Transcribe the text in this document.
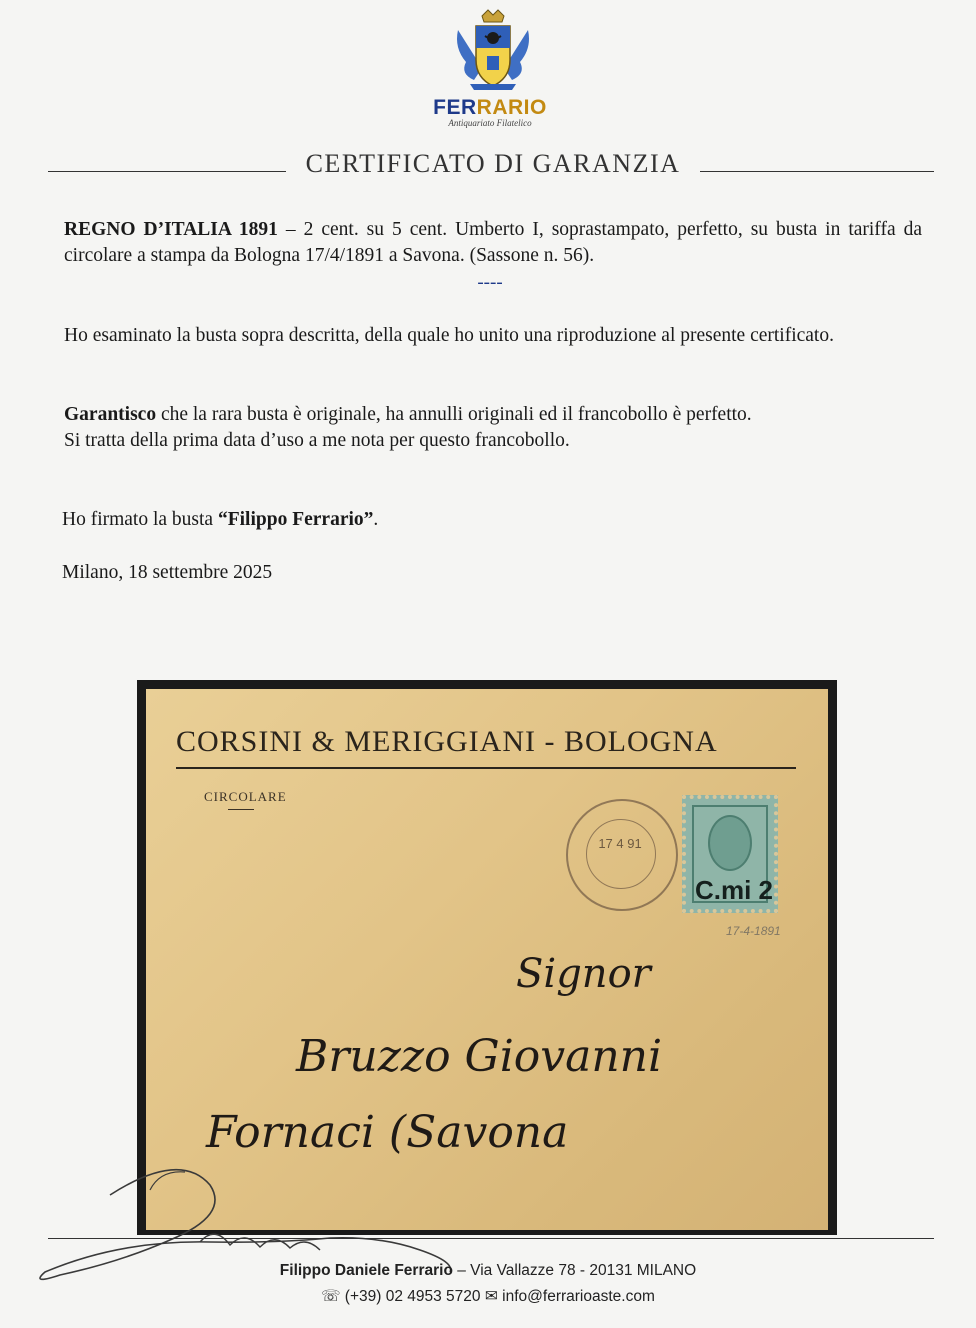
FERRARIO
Antiquariato Filatelico
CERTIFICATO DI GARANZIA
REGNO D’ITALIA 1891 – 2 cent. su 5 cent. Umberto I, soprastampato, perfetto, su busta in tariffa da circolare a stampa da Bologna 17/4/1891 a Savona. (Sassone n. 56).
----
Ho esaminato la busta sopra descritta, della quale ho unito una riproduzione al presente certificato.
Garantisco che la rara busta è originale, ha annulli originali ed il francobollo è perfetto.
Si tratta della prima data d’uso a me nota per questo francobollo.
Ho firmato la busta “Filippo Ferrario”.
Milano, 18 settembre 2025
CORSINI & MERIGGIANI - BOLOGNA
CIRCOLARE
17 4 91
C.mi 2
17-4-1891
Signor
Bruzzo Giovanni
Fornaci (Savona
Filippo Daniele Ferrario – Via Vallazze 78 - 20131 MILANO
☏ (+39) 02 4953 5720 ✉ info@ferrarioaste.com
